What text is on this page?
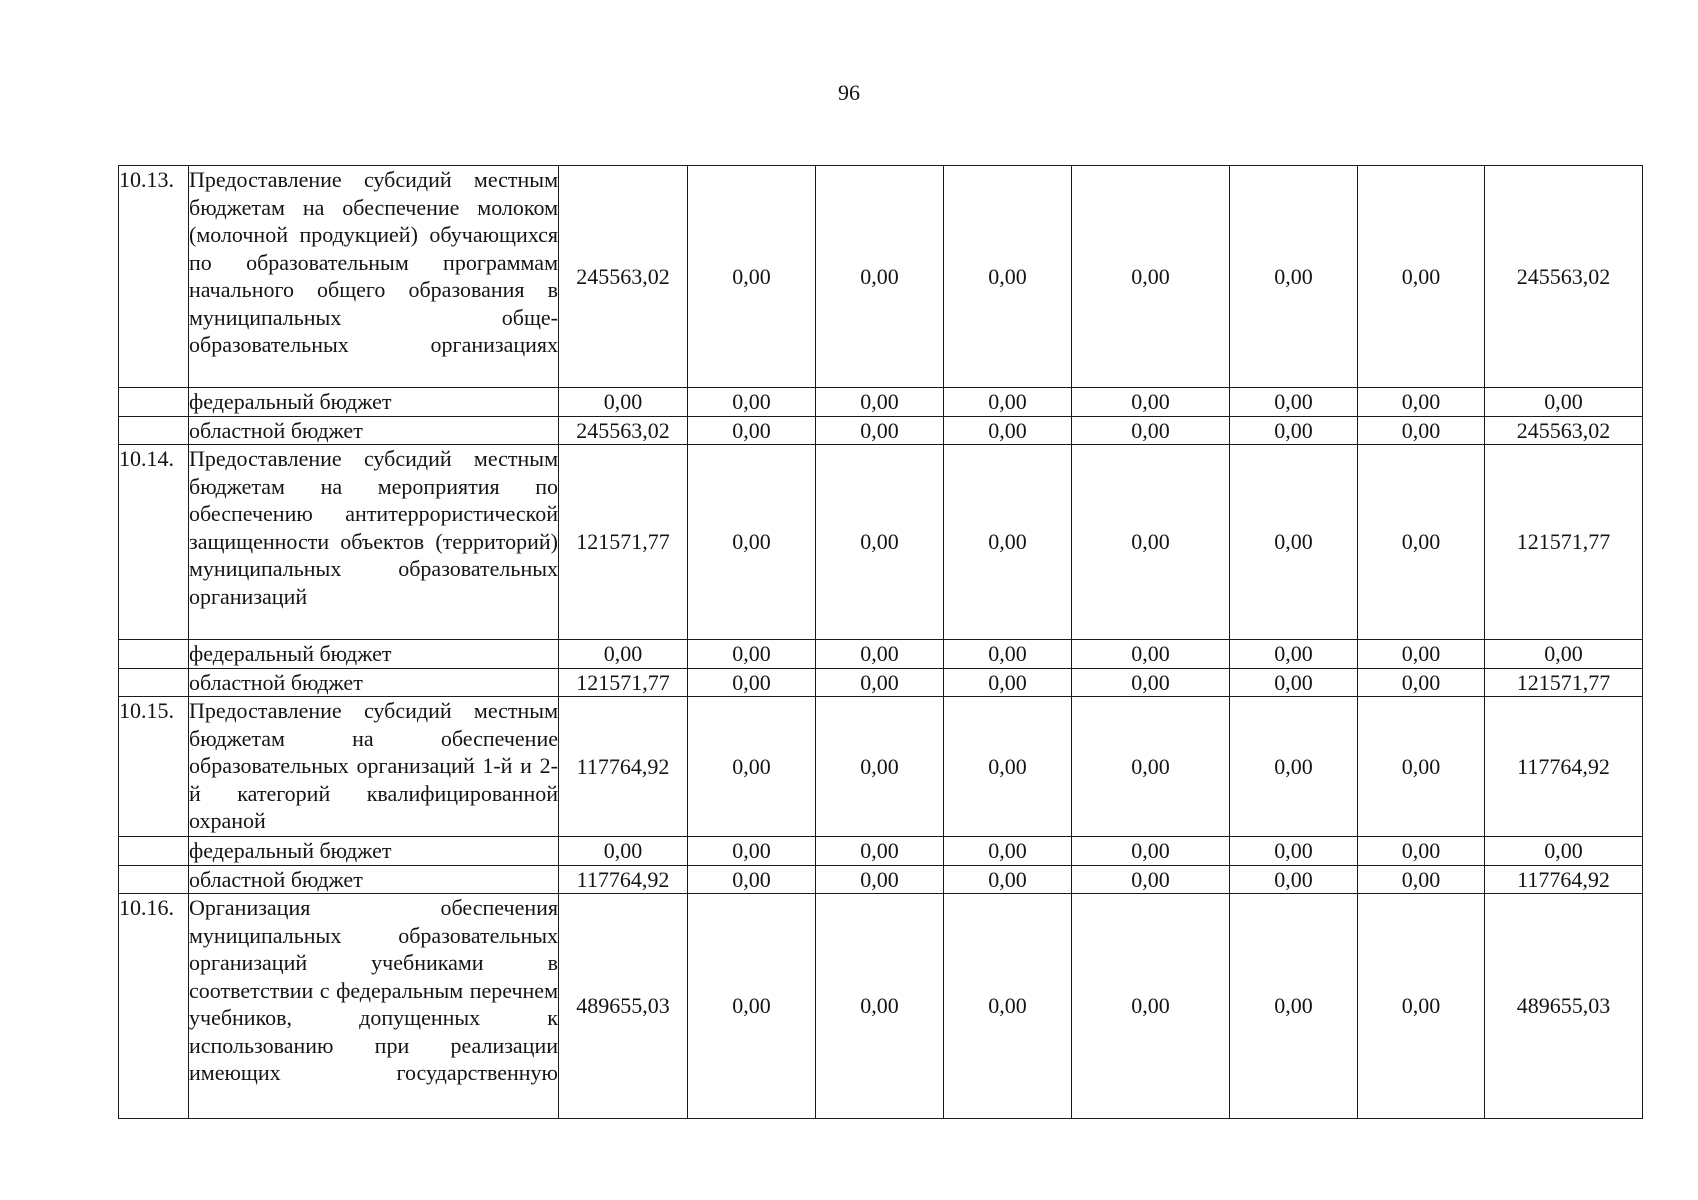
96
10.13.	Предоставление субсидий местным бюджетам на обеспечение молоком (молочной продукцией) обучающихся по образовательным программам начального общего образования в муниципальных обще-образовательных организациях	245563,02	0,00	0,00	0,00	0,00	0,00	0,00	245563,02
	федеральный бюджет	0,00	0,00	0,00	0,00	0,00	0,00	0,00	0,00
	областной бюджет	245563,02	0,00	0,00	0,00	0,00	0,00	0,00	245563,02
10.14.	Предоставление субсидий местным бюджетам на мероприятия по обеспечению антитеррористической защищенности объектов (территорий) муниципальных образовательных организаций	121571,77	0,00	0,00	0,00	0,00	0,00	0,00	121571,77
	федеральный бюджет	0,00	0,00	0,00	0,00	0,00	0,00	0,00	0,00
	областной бюджет	121571,77	0,00	0,00	0,00	0,00	0,00	0,00	121571,77
10.15.	Предоставление субсидий местным бюджетам на обеспечение образовательных организаций 1-й и 2-й категорий квалифицированной охраной	117764,92	0,00	0,00	0,00	0,00	0,00	0,00	117764,92
	федеральный бюджет	0,00	0,00	0,00	0,00	0,00	0,00	0,00	0,00
	областной бюджет	117764,92	0,00	0,00	0,00	0,00	0,00	0,00	117764,92
10.16.	Организация обеспечения муниципальных образовательных организаций учебниками в соответствии с федеральным перечнем учебников, допущенных к использованию при реализации имеющих государственную	489655,03	0,00	0,00	0,00	0,00	0,00	0,00	489655,03
